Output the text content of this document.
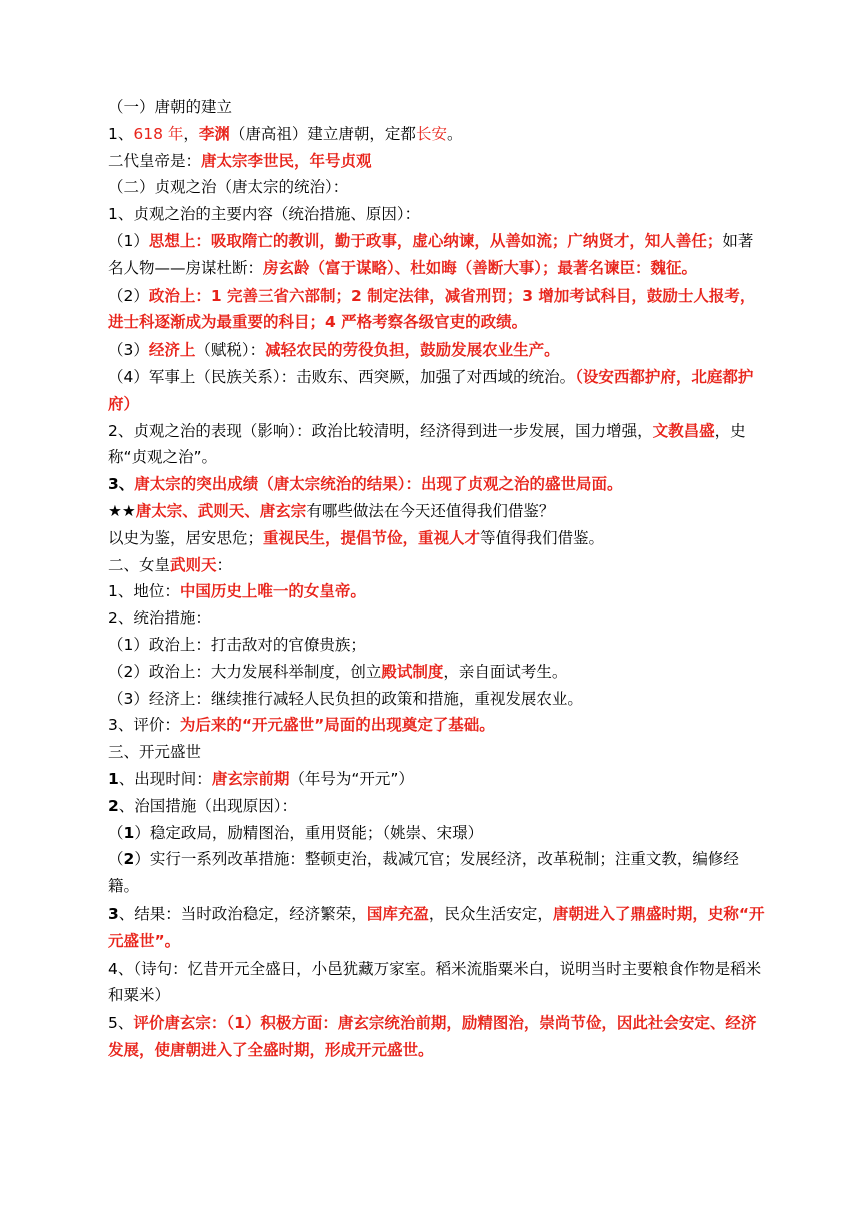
（一）唐朝的建立

1、618 年，李渊（唐高祖）建立唐朝，定都长安。

二代皇帝是：唐太宗李世民，年号贞观

（二）贞观之治（唐太宗的统治）：

1、贞观之治的主要内容（统治措施、原因）：

（1）思想上：吸取隋亡的教训，勤于政事，虚心纳谏，从善如流；广纳贤才，知人善任；如著名人物——房谋杜断：房玄龄（富于谋略）、杜如晦（善断大事）；最著名谏臣：魏征。

（2）政治上：1 完善三省六部制；2 制定法律，减省刑罚；3 增加考试科目，鼓励士人报考，进士科逐渐成为最重要的科目；4 严格考察各级官吏的政绩。

（3）经济上（赋税）：减轻农民的劳役负担，鼓励发展农业生产。

（4）军事上（民族关系）：击败东、西突厥，加强了对西域的统治。（设安西都护府，北庭都护府）

2、贞观之治的表现（影响）：政治比较清明，经济得到进一步发展，国力增强，文教昌盛，史称“贞观之治”。

3、唐太宗的突出成绩（唐太宗统治的结果）：出现了贞观之治的盛世局面。

★★唐太宗、武则天、唐玄宗有哪些做法在今天还值得我们借鉴？

以史为鉴，居安思危；重视民生，提倡节俭，重视人才等值得我们借鉴。

二、女皇武则天：

1、地位：中国历史上唯一的女皇帝。

2、统治措施：

（1）政治上：打击敌对的官僚贵族；

（2）政治上：大力发展科举制度，创立殿试制度，亲自面试考生。

（3）经济上：继续推行减轻人民负担的政策和措施，重视发展农业。

3、评价：为后来的“开元盛世”局面的出现奠定了基础。

三、开元盛世

1、出现时间：唐玄宗前期（年号为“开元”）

2、治国措施（出现原因）：

（1）稳定政局，励精图治，重用贤能；（姚崇、宋璟）

（2）实行一系列改革措施：整顿吏治，裁减冗官；发展经济，改革税制；注重文教，编修经籍。

3、结果：当时政治稳定，经济繁荣，国库充盈，民众生活安定，唐朝进入了鼎盛时期，史称“开元盛世”。

4、（诗句：忆昔开元全盛日，小邑犹藏万家室。稻米流脂粟米白，说明当时主要粮食作物是稻米和粟米）

5、评价唐玄宗：（1）积极方面：唐玄宗统治前期，励精图治，崇尚节俭，因此社会安定、经济发展，使唐朝进入了全盛时期，形成开元盛世。
